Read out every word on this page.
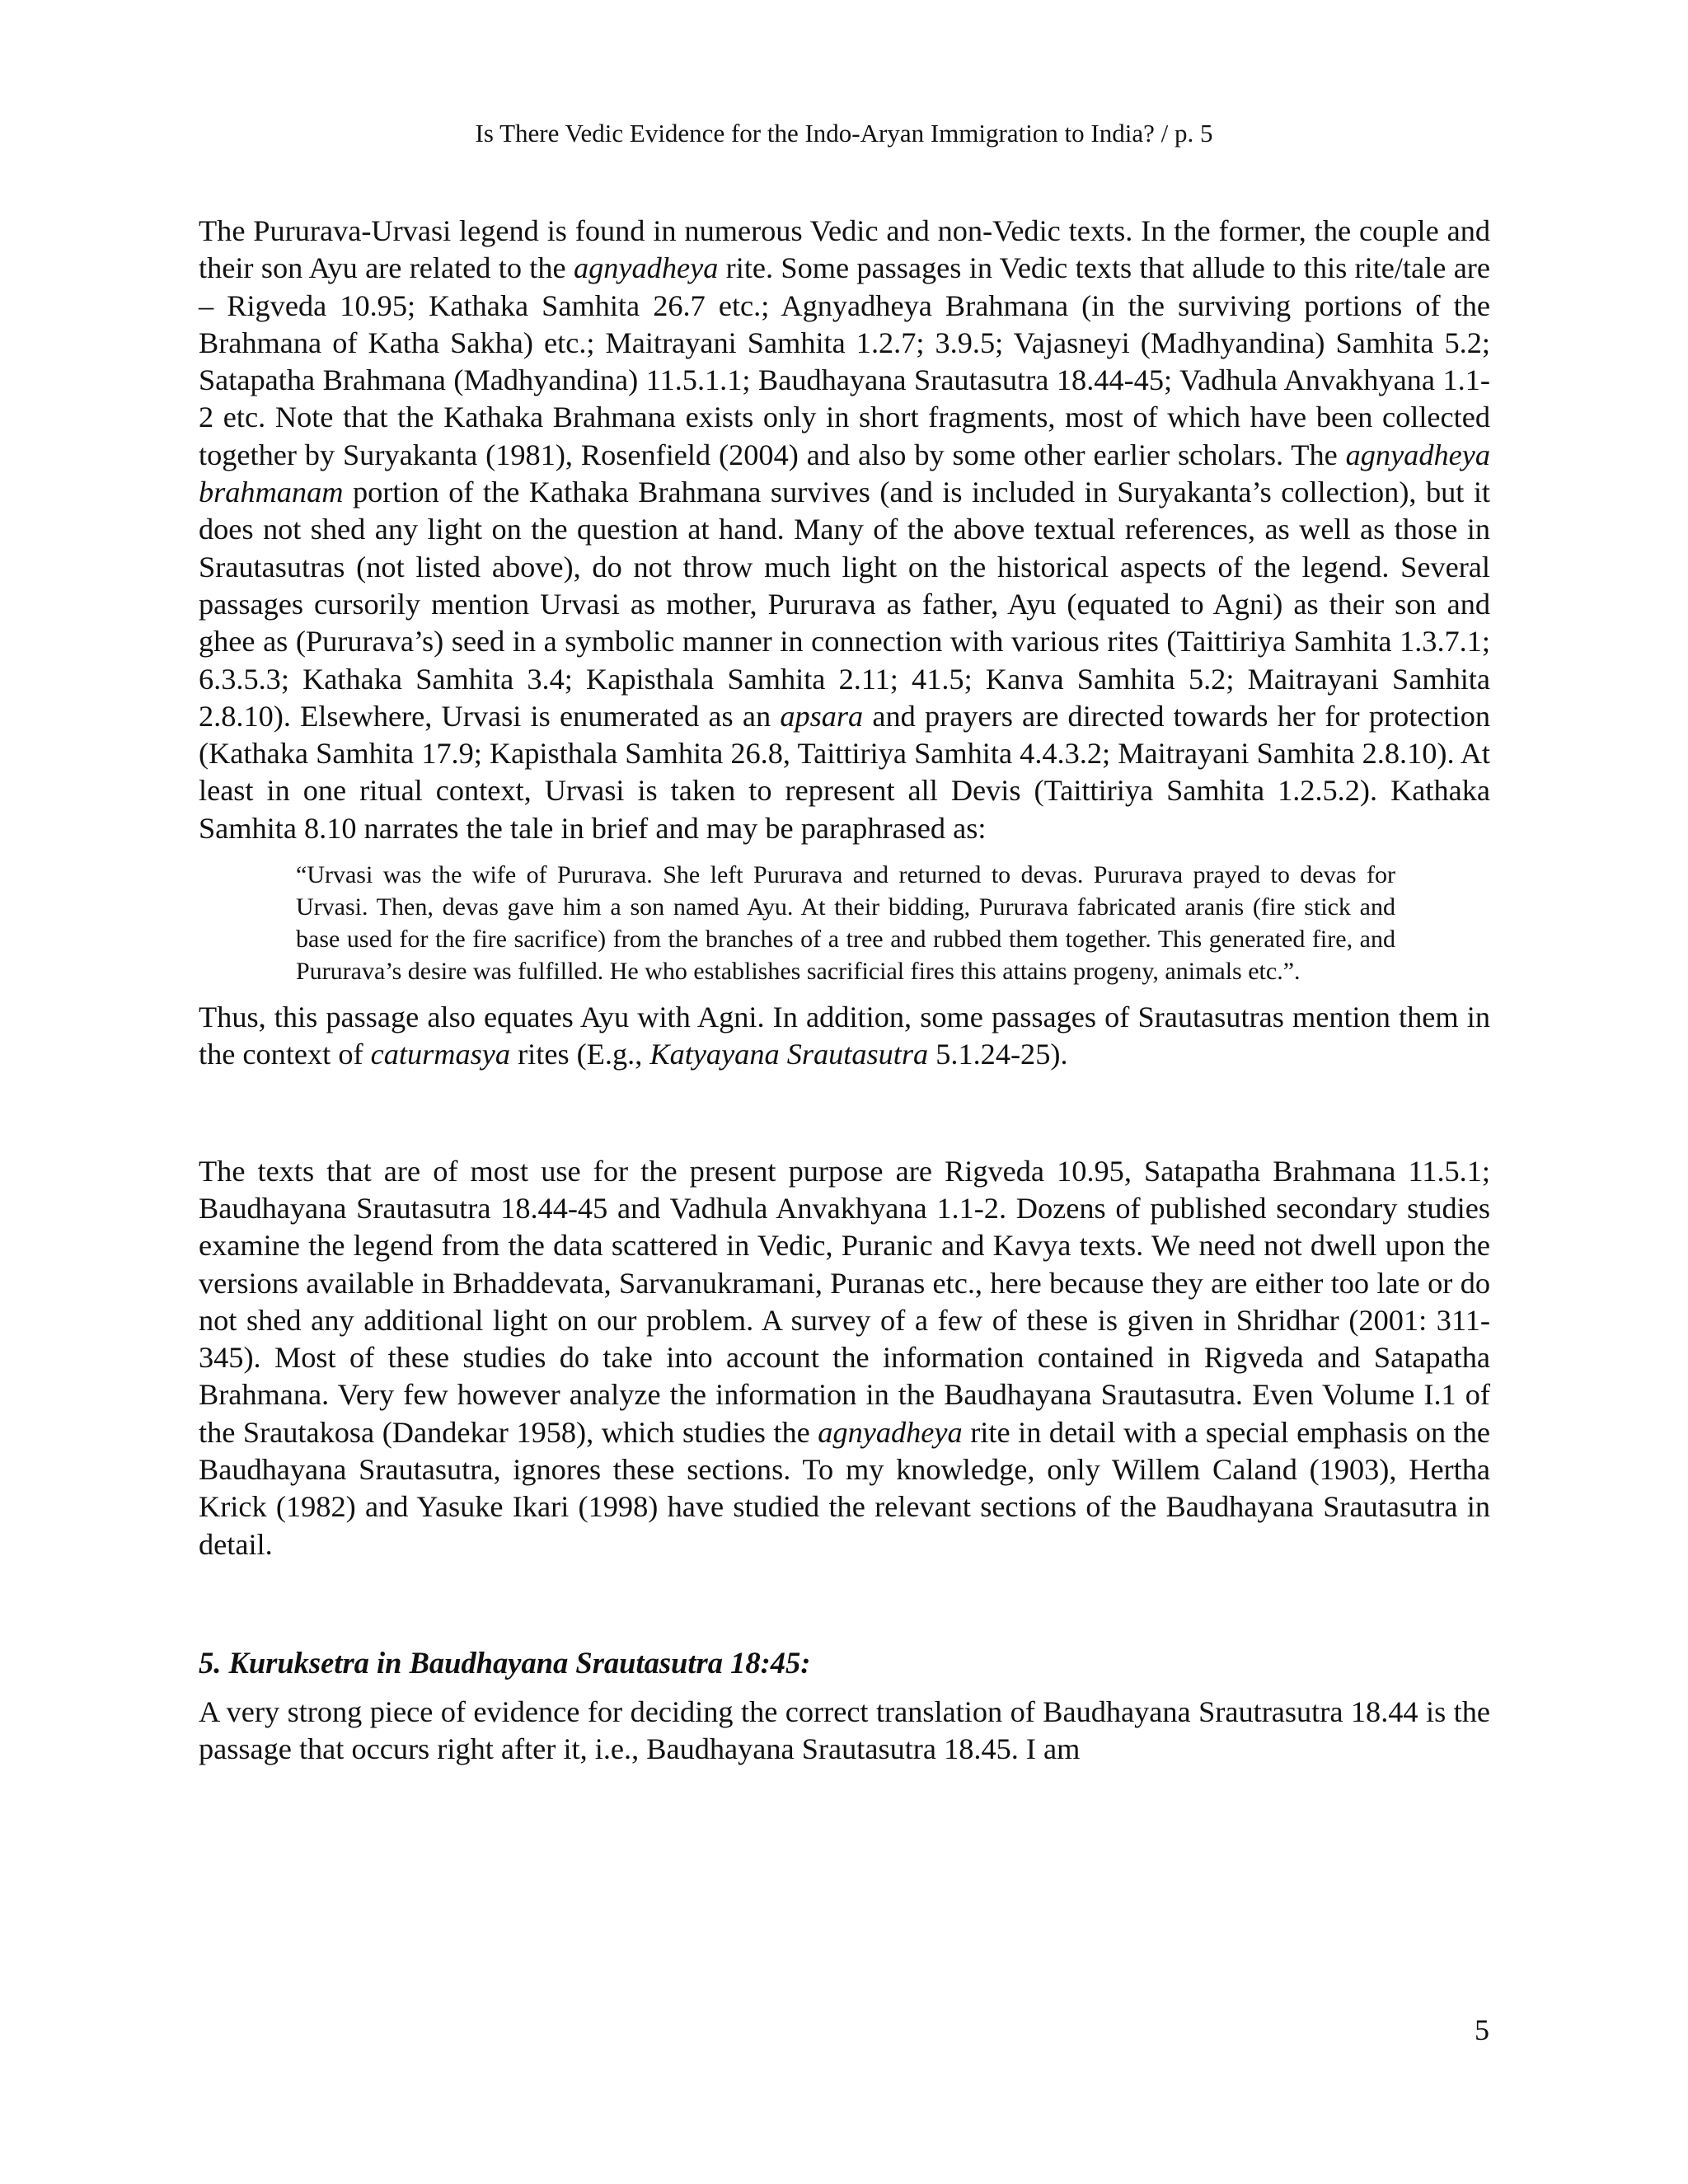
Is There Vedic Evidence for the Indo-Aryan Immigration to India? / p. 5

The Pururava-Urvasi legend is found in numerous Vedic and non-Vedic texts. In the former, the couple and their son Ayu are related to the agnyadheya rite. Some passages in Vedic texts that allude to this rite/tale are – Rigveda 10.95; Kathaka Samhita 26.7 etc.; Agnyadheya Brahmana (in the surviving portions of the Brahmana of Katha Sakha) etc.; Maitrayani Samhita 1.2.7; 3.9.5; Vajasneyi (Madhyandina) Samhita 5.2; Satapatha Brahmana (Madhyandina) 11.5.1.1; Baudhayana Srautasutra 18.44-45; Vadhula Anvakhyana 1.1-2 etc. Note that the Kathaka Brahmana exists only in short fragments, most of which have been collected together by Suryakanta (1981), Rosenfield (2004) and also by some other earlier scholars. The agnyadheya brahmanam portion of the Kathaka Brahmana survives (and is included in Suryakanta’s collection), but it does not shed any light on the question at hand. Many of the above textual references, as well as those in Srautasutras (not listed above), do not throw much light on the historical aspects of the legend. Several passages cursorily mention Urvasi as mother, Pururava as father, Ayu (equated to Agni) as their son and ghee as (Pururava’s) seed in a symbolic manner in connection with various rites (Taittiriya Samhita 1.3.7.1; 6.3.5.3; Kathaka Samhita 3.4; Kapisthala Samhita 2.11; 41.5; Kanva Samhita 5.2; Maitrayani Samhita 2.8.10). Elsewhere, Urvasi is enumerated as an apsara and prayers are directed towards her for protection (Kathaka Samhita 17.9; Kapisthala Samhita 26.8, Taittiriya Samhita 4.4.3.2; Maitrayani Samhita 2.8.10). At least in one ritual context, Urvasi is taken to represent all Devis (Taittiriya Samhita 1.2.5.2). Kathaka Samhita 8.10 narrates the tale in brief and may be paraphrased as:

“Urvasi was the wife of Pururava. She left Pururava and returned to devas. Pururava prayed to devas for Urvasi. Then, devas gave him a son named Ayu. At their bidding, Pururava fabricated aranis (fire stick and base used for the fire sacrifice) from the branches of a tree and rubbed them together. This generated fire, and Pururava’s desire was fulfilled. He who establishes sacrificial fires this attains progeny, animals etc.”.

Thus, this passage also equates Ayu with Agni. In addition, some passages of Srautasutras mention them in the context of caturmasya rites (E.g., Katyayana Srautasutra 5.1.24-25).

The texts that are of most use for the present purpose are Rigveda 10.95, Satapatha Brahmana 11.5.1; Baudhayana Srautasutra 18.44-45 and Vadhula Anvakhyana 1.1-2. Dozens of published secondary studies examine the legend from the data scattered in Vedic, Puranic and Kavya texts. We need not dwell upon the versions available in Brhaddevata, Sarvanukramani, Puranas etc., here because they are either too late or do not shed any additional light on our problem. A survey of a few of these is given in Shridhar (2001: 311-345). Most of these studies do take into account the information contained in Rigveda and Satapatha Brahmana. Very few however analyze the information in the Baudhayana Srautasutra. Even Volume I.1 of the Srautakosa (Dandekar 1958), which studies the agnyadheya rite in detail with a special emphasis on the Baudhayana Srautasutra, ignores these sections. To my knowledge, only Willem Caland (1903), Hertha Krick (1982) and Yasuke Ikari (1998) have studied the relevant sections of the Baudhayana Srautasutra in detail.

5. Kuruksetra in Baudhayana Srautasutra 18:45:

A very strong piece of evidence for deciding the correct translation of Baudhayana Srautrasutra 18.44 is the passage that occurs right after it, i.e., Baudhayana Srautasutra 18.45. I am

5
